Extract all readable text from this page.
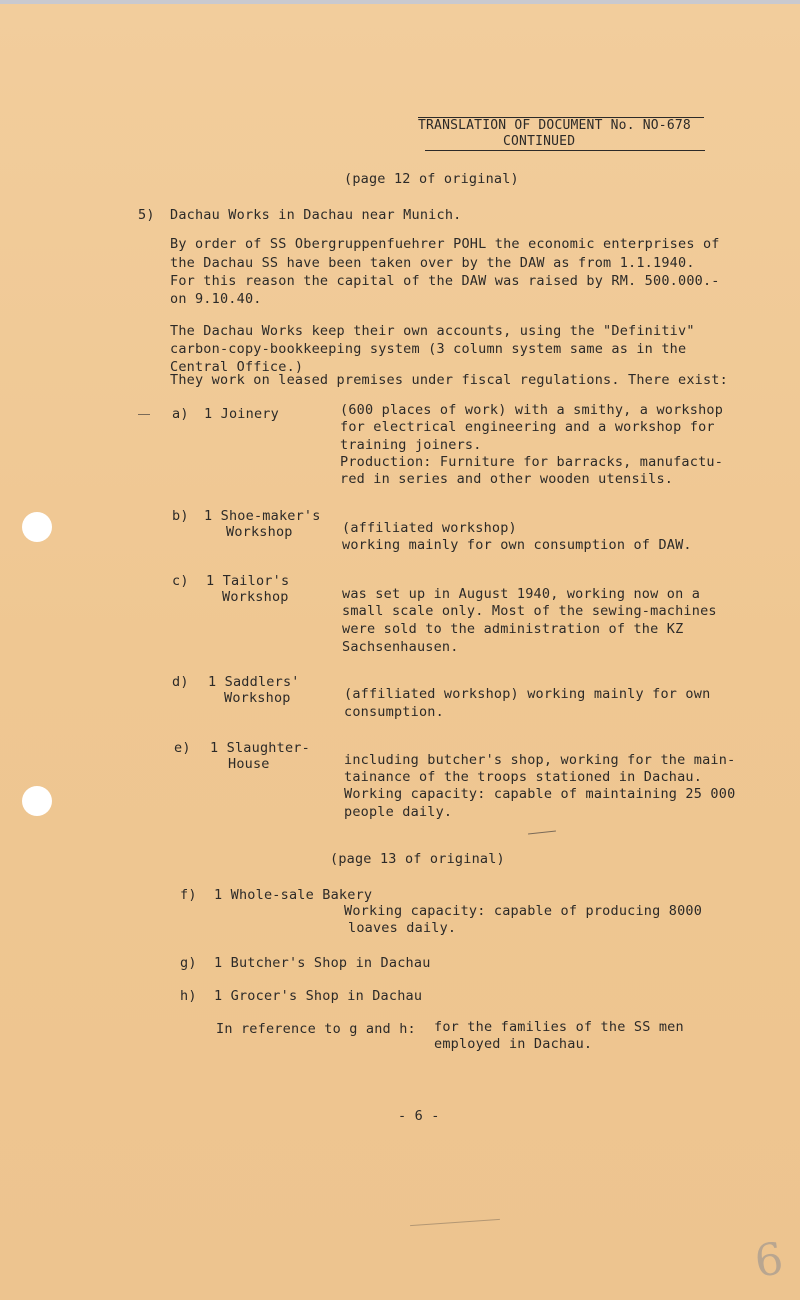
TRANSLATION OF DOCUMENT No. NO-678
CONTINUED
(page 12 of original)
5) Dachau Works in Dachau near Munich.
By order of SS Obergruppenfuehrer POHL the economic enterprises of
the Dachau SS have been taken over by the DAW as from 1.1.1940.
For this reason the capital of the DAW was raised by RM. 500.000.-
on 9.10.40.
The Dachau Works keep their own accounts, using the "Definitiv"
carbon-copy-bookkeeping system (3 column system same as in the
Central Office.)
They work on leased premises under fiscal regulations. There exist:
a) 1 Joinery	(600 places of work) with a smithy, a workshop
for electrical engineering and a workshop for
training joiners.
Production: Furniture for barracks, manufactu-
red in series and other wooden utensils.
b) 1 Shoe-maker's
Workshop	(affiliated workshop)
working mainly for own consumption of DAW.
c) 1 Tailor's
Workshop	was set up in August 1940, working now on a
small scale only. Most of the sewing-machines
were sold to the administration of the KZ
Sachsenhausen.
d) 1 Saddlers'
Workshop	(affiliated workshop) working mainly for own
consumption.
e) 1 Slaughter-
House	including butcher's shop, working for the main-
tainance of the troops stationed in Dachau.
Working capacity: capable of maintaining 25 000
people daily.
(page 13 of original)
f) 1 Whole-sale Bakery
Working capacity: capable of producing 8000
loaves daily.
g) 1 Butcher's Shop in Dachau
h) 1 Grocer's Shop in Dachau
In reference to g and h: for the families of the SS men
employed in Dachau.
- 6 -
6
